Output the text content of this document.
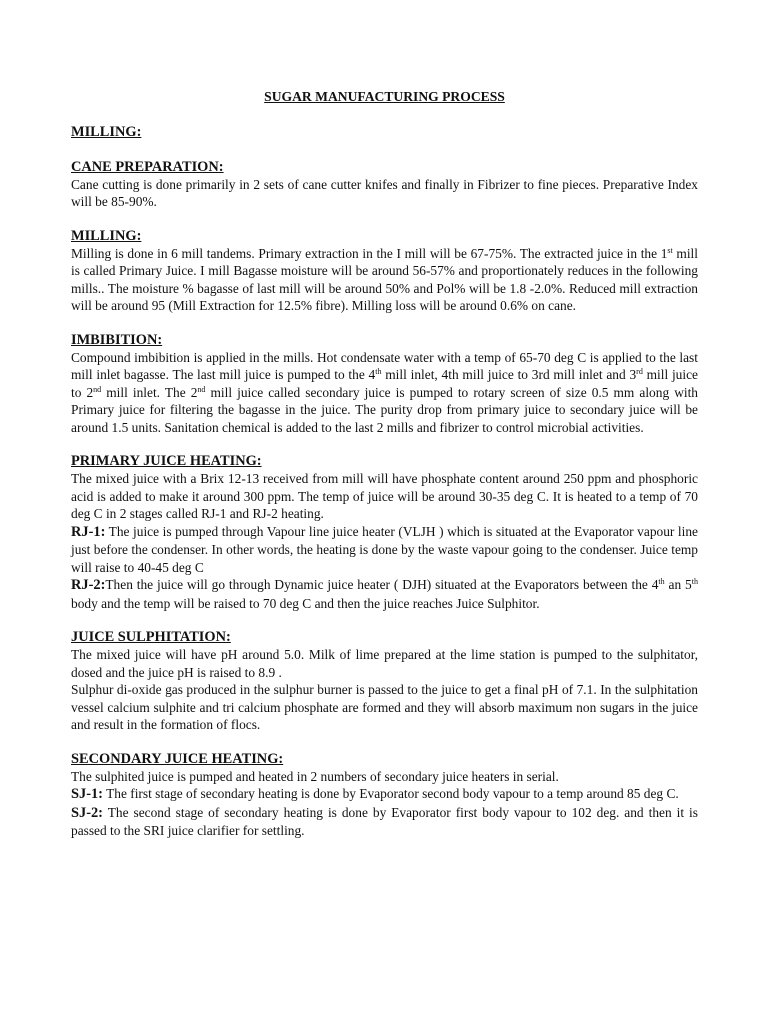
SUGAR MANUFACTURING PROCESS
MILLING:
CANE PREPARATION:

Cane cutting is done primarily in 2 sets of cane cutter knifes and finally in Fibrizer to fine pieces. Preparative Index will be 85-90%.

MILLING:

Milling is done in 6 mill tandems. Primary extraction in the I mill will be 67-75%. The extracted juice in the 1st mill is called Primary Juice. I mill Bagasse moisture will be around 56-57% and proportionately reduces in the following mills.. The moisture % bagasse of last mill will be around 50% and Pol% will be 1.8 -2.0%. Reduced mill extraction will be around 95 (Mill Extraction for 12.5% fibre). Milling loss will be around 0.6% on cane.

IMBIBITION:

Compound imbibition is applied in the mills. Hot condensate water with a temp of 65-70 deg C is applied to the last mill inlet bagasse. The last mill juice is pumped to the 4th mill inlet, 4th mill juice to 3rd mill inlet and 3rd mill juice to 2nd mill inlet. The 2nd mill juice called secondary juice is pumped to rotary screen of size 0.5 mm along with Primary juice for filtering the bagasse in the juice. The purity drop from primary juice to secondary juice will be around 1.5 units. Sanitation chemical is added to the last 2 mills and fibrizer to control microbial activities.

PRIMARY JUICE HEATING:

The mixed juice with a Brix 12-13 received from mill will have phosphate content around 250 ppm and phosphoric acid is added to make it around 300 ppm. The temp of juice will be around 30-35 deg C. It is heated to a temp of 70 deg C in 2 stages called RJ-1 and RJ-2 heating.

RJ-1: The juice is pumped through Vapour line juice heater (VLJH ) which is situated at the Evaporator vapour line just before the condenser. In other words, the heating is done by the waste vapour going to the condenser. Juice temp will raise to 40-45 deg C

RJ-2:Then the juice will go through Dynamic juice heater ( DJH) situated at the Evaporators between the 4th an 5th body and the temp will be raised to 70 deg C and then the juice reaches Juice Sulphitor.

JUICE SULPHITATION:

The mixed juice will have pH around 5.0. Milk of lime prepared at the lime station is pumped to the sulphitator, dosed and the juice pH is raised to 8.9 .

Sulphur di-oxide gas produced in the sulphur burner is passed to the juice to get a final pH of 7.1. In the sulphitation vessel calcium sulphite and tri calcium phosphate are formed and they will absorb maximum non sugars in the juice and result in the formation of flocs.

SECONDARY JUICE HEATING:

The sulphited juice is pumped and heated in 2 numbers of secondary juice heaters in serial.

SJ-1: The first stage of secondary heating is done by Evaporator second body vapour to a temp around 85 deg C.

SJ-2: The second stage of secondary heating is done by Evaporator first body vapour to 102 deg. and then it is passed to the SRI juice clarifier for settling.
